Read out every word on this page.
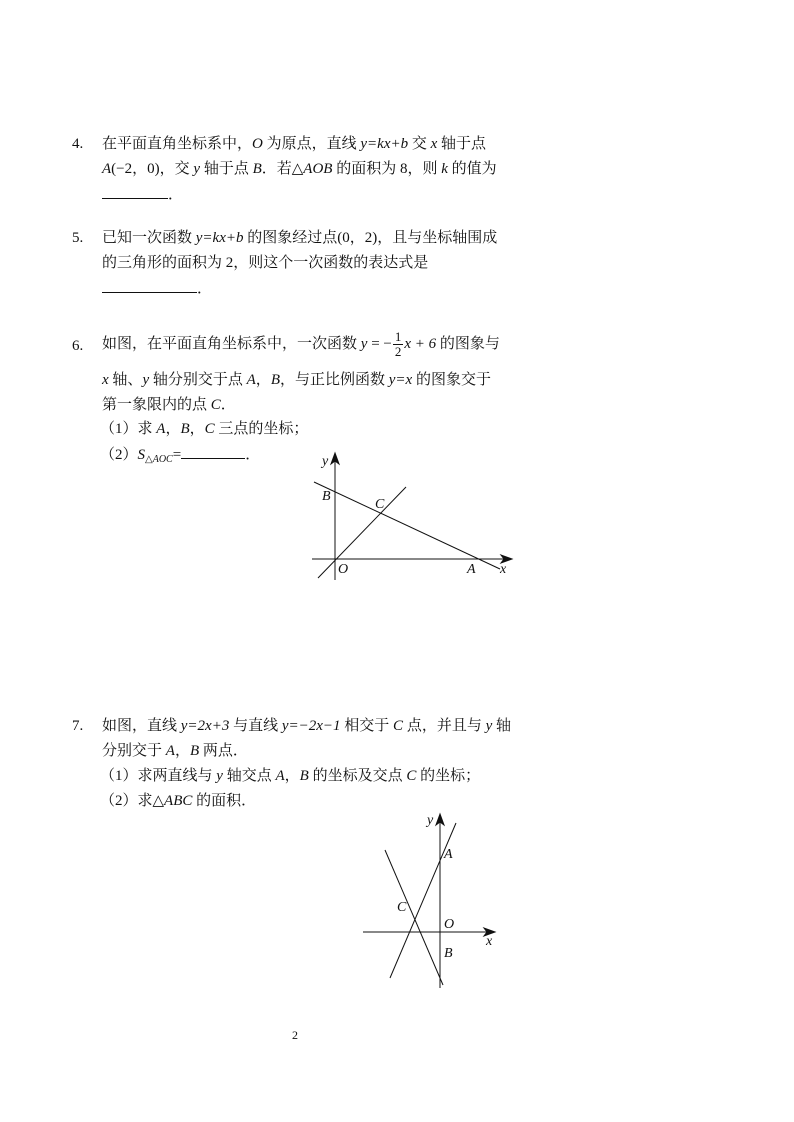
4. 在平面直角坐标系中，O 为原点，直线 y=kx+b 交 x 轴于点
A(−2，0)，交 y 轴于点 B．若△AOB 的面积为 8，则 k 的值为
．
5. 已知一次函数 y=kx+b 的图象经过点(0，2)，且与坐标轴围成
的三角形的面积为 2，则这个一次函数的表达式是
．
6. 如图，在平面直角坐标系中，一次函数 y = − $\frac{1}{2}$ x + 6 的图象与
x 轴、y 轴分别交于点 A，B，与正比例函数 y=x 的图象交于
第一象限内的点 C．
（1）求 A，B，C 三点的坐标；
$(2)S_{\triangle AOC}=$	．	y
B
C
O	A x
7. 如图，直线 y=2x+3 与直线 y=−2x−1 相交于 C 点，并且与 y 轴
分别交于 A，B 两点．
（1）求两直线与 y 轴交点 A，B 的坐标及交点 C 的坐标；
（2）求△ABC 的面积．
y
A
C
O
x
B
2
